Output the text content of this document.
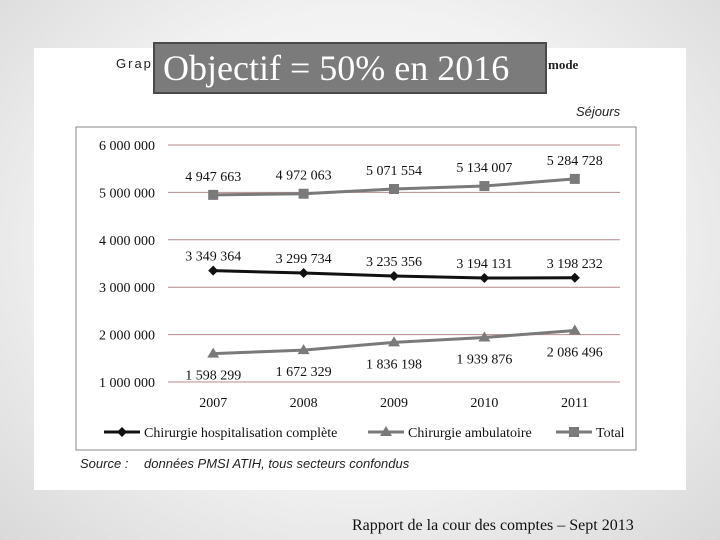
Grap	mode
Séjours
1 000 000
2 000 000
3 000 000
4 000 000
5 000 000
6 000 000
2007	2008	2009	2010	2011
3 349 364 3 299 734 3 235 356 3 194 131 3 198 232
1 598 299 1 672 329
1 836 198 1 939 876 2 086 496
4 947 663 4 972 063 5 071 554 5 134 007 5 284 728
Chirurgie hospitalisation complète	Chirurgie ambulatoire	Total
Objectif = 50% en 2016
Source : données PMSI ATIH, tous secteurs confondus
Rapport de la cour des comptes – Sept 2013
